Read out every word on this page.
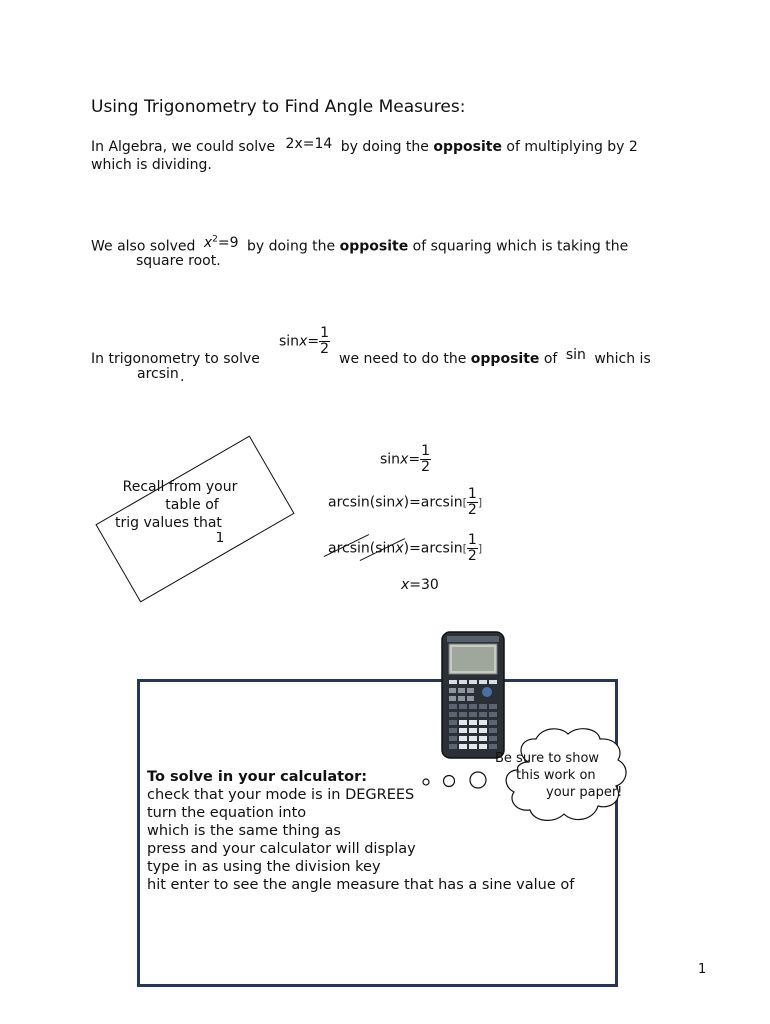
Using Trigonometry to Find Angle Measures:
In Algebra, we could solve 2x=14 by doing the opposite of multiplying by 2
which is dividing.
We also solved $x^2=9$ by doing the opposite of squaring which is taking the
square root.
In trigonometry to solve
$\sin x= \frac{1}{2}$
we need to do the opposite of sin which is
arcsin .
Recall from your
table of
trig values that
1
$\sin x= \frac{1}{2}$
$\arcsin(\sin x)=\arcsin[ \frac{1}{2}$ ]
$\arcsin(\sin x)=\arcsin[ \frac{1}{2}$ ]
x=30
To solve in your calculator:
check that your mode is in DEGREES
turn the equation into
which is the same thing as
press and your calculator will display
type in as using the division key
hit enter to see the angle measure that has a sine value of
Be sure to show
this work on
your paper!
1
